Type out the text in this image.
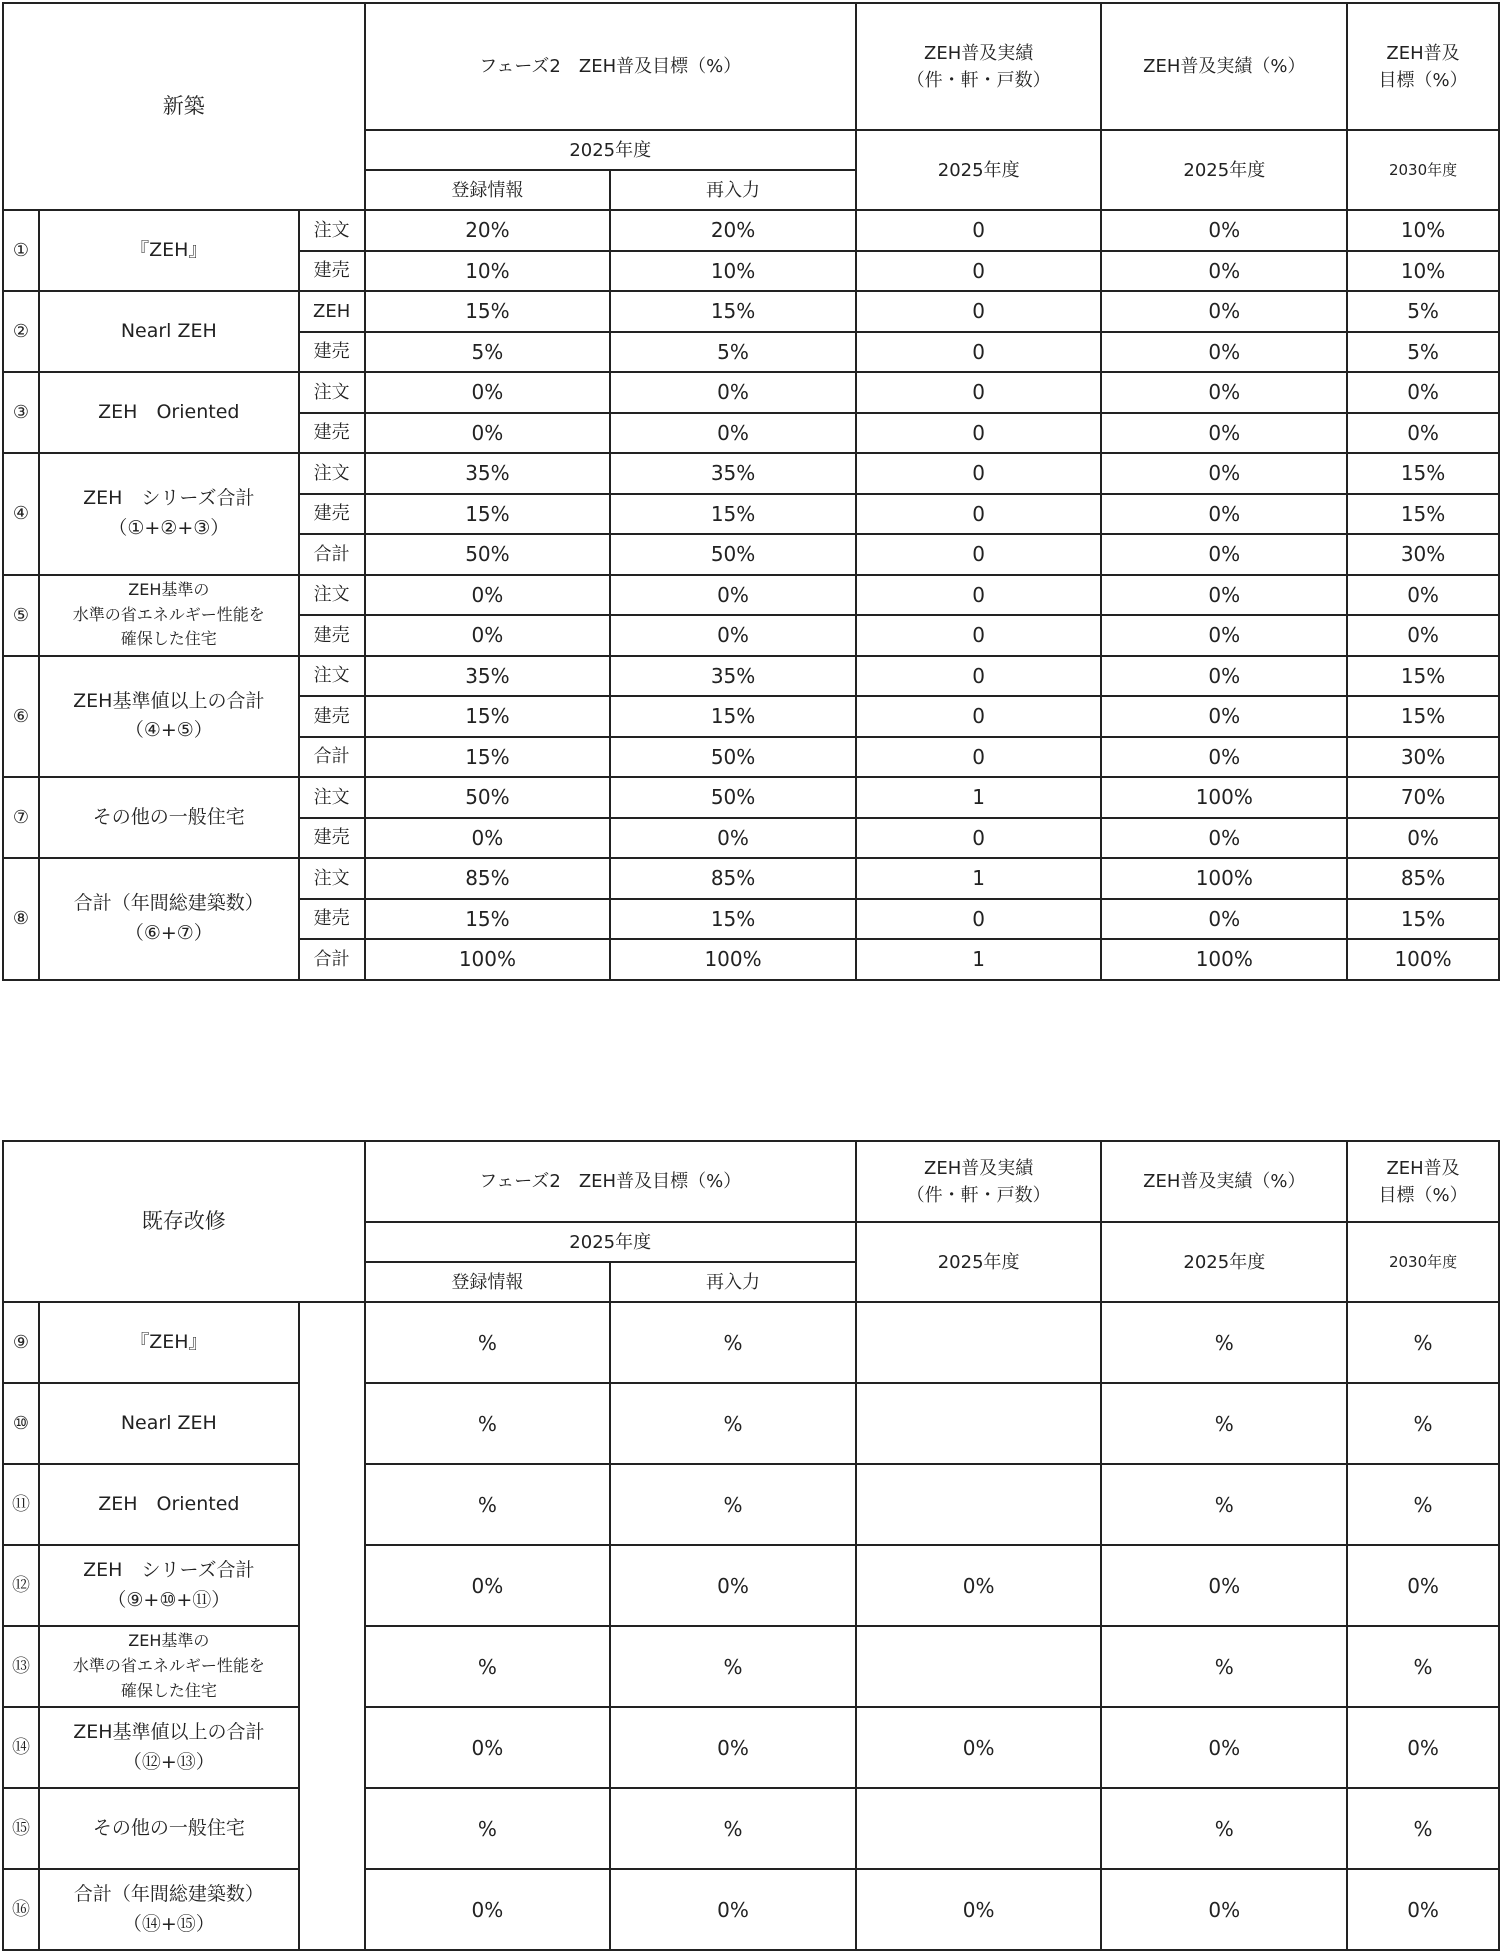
新築			フェーズ2　ZEH普及目標（%）		ZEH普及実績
（件・軒・戸数）	ZEH普及実績（%）	ZEH普及
目標（%）
			2025年度		2025年度	2025年度	2030年度
			登録情報	再入力			
①	『ZEH』	注文	20%	20%	0	0%	10%
		建売	10%	10%	0	0%	10%
②	Nearl ZEH	ZEH	15%	15%	0	0%	5%
		建売	5%	5%	0	0%	5%
③	ZEH　Oriented	注文	0%	0%	0	0%	0%
		建売	0%	0%	0	0%	0%
④	ZEH　シリーズ合計
（①+②+③）	注文	35%	35%	0	0%	15%
		建売	15%	15%	0	0%	15%
		合計	50%	50%	0	0%	30%
⑤	ZEH基準の
水準の省エネルギー性能を
確保した住宅	注文	0%	0%	0	0%	0%
		建売	0%	0%	0	0%	0%
⑥	ZEH基準値以上の合計
（④+⑤）	注文	35%	35%	0	0%	15%
		建売	15%	15%	0	0%	15%
		合計	15%	50%	0	0%	30%
⑦	その他の一般住宅	注文	50%	50%	1	100%	70%
		建売	0%	0%	0	0%	0%
⑧	合計（年間総建築数）
（⑥+⑦）	注文	85%	85%	1	100%	85%
		建売	15%	15%	0	0%	15%
		合計	100%	100%	1	100%	100%
既存改修			フェーズ2　ZEH普及目標（%）		ZEH普及実績
（件・軒・戸数）	ZEH普及実績（%）	ZEH普及
目標（%）
			2025年度		2025年度	2025年度	2030年度
			登録情報	再入力			
⑨	『ZEH』		%	%		%	%
⑩	Nearl ZEH		%	%		%	%
⑪	ZEH　Oriented		%	%		%	%
⑫	ZEH　シリーズ合計
（⑨+⑩+⑪）		0%	0%	0%	0%	0%
⑬	ZEH基準の
水準の省エネルギー性能を
確保した住宅		%	%		%	%
⑭	ZEH基準値以上の合計
（⑫+⑬）		0%	0%	0%	0%	0%
⑮	その他の一般住宅		%	%		%	%
⑯	合計（年間総建築数）
（⑭+⑮）		0%	0%	0%	0%	0%
